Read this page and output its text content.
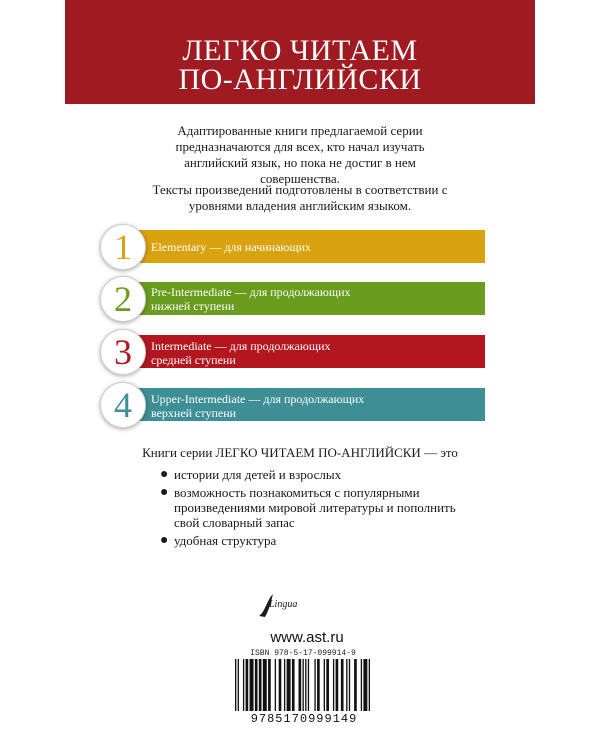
ЛЕГКО ЧИТАЕМ
ПО-АНГЛИЙСКИ

Адаптированные книги предлагаемой серии предназначаются для всех, кто начал изучать английский язык, но пока не достиг в нем совершенства.

Тексты произведений подготовлены в соответствии с уровнями владения английским языком.

1 Elementary — для начинающих
2 Pre-Intermediate — для продолжающих
нижней ступени
3 Intermediate — для продолжающих
средней ступени
4 Upper-Intermediate — для продолжающих
верхней ступени
Книги серии ЛЕГКО ЧИТАЕМ ПО-АНГЛИЙСКИ — это
● истории для детей и взрослых
● возможность познакомиться с популярными произведениями мировой литературы и пополнить свой словарный запас
● удобная структура
Lingua
www.ast.ru
ISBN 978-5-17-099914-9
9785170999149
